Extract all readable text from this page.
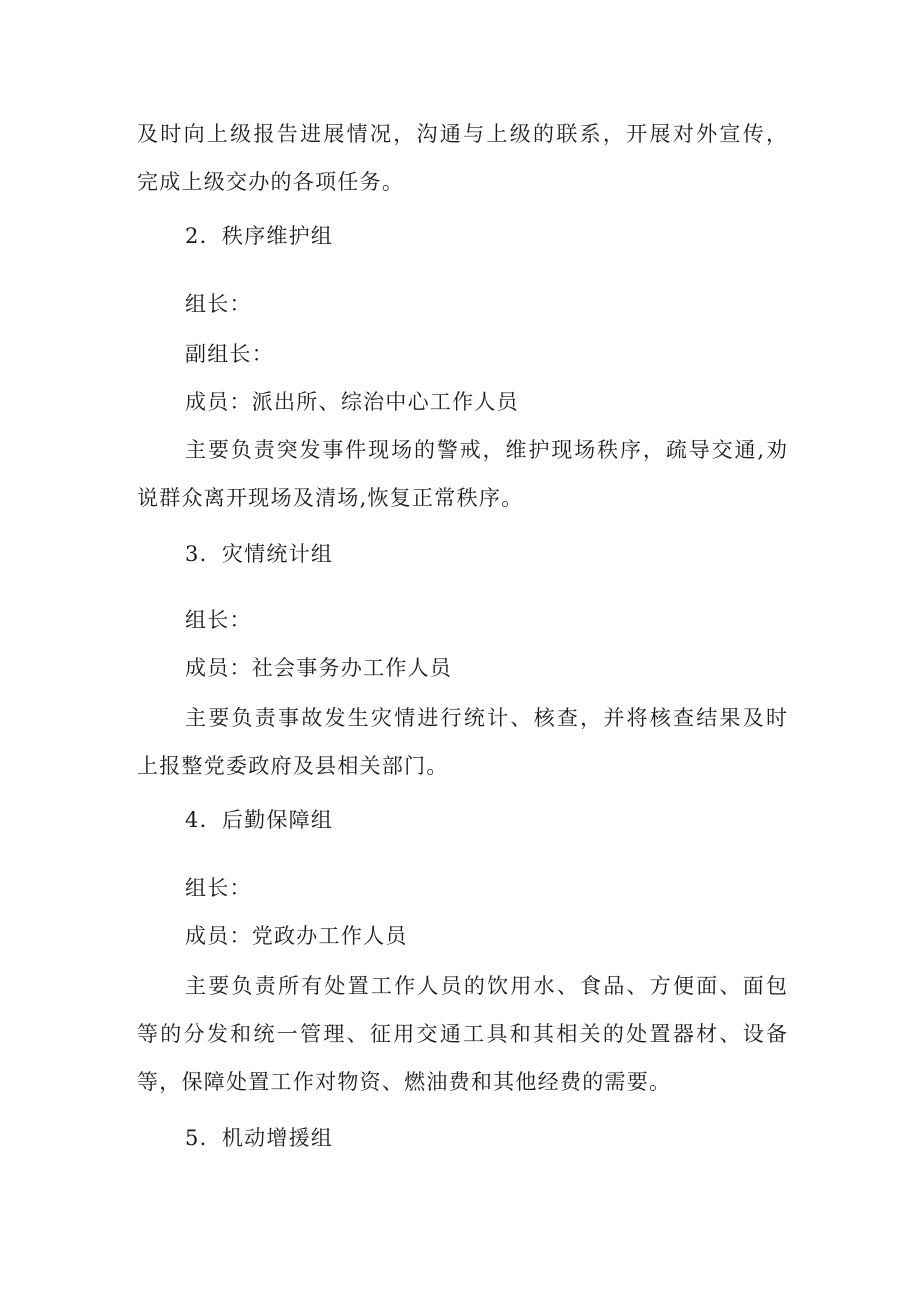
及时向上级报告进展情况，沟通与上级的联系，开展对外宣传，
完成上级交办的各项任务。
2．秩序维护组
组长：
副组长：
成员：派出所、综治中心工作人员
主要负责突发事件现场的警戒，维护现场秩序，疏导交通,劝
说群众离开现场及清场,恢复正常秩序。
3．灾情统计组
组长：
成员：社会事务办工作人员
主要负责事故发生灾情进行统计、核查，并将核查结果及时
上报整党委政府及县相关部门。
4．后勤保障组
组长：
成员：党政办工作人员
主要负责所有处置工作人员的饮用水、食品、方便面、面包
等的分发和统一管理、征用交通工具和其相关的处置器材、设备
等，保障处置工作对物资、燃油费和其他经费的需要。
5．机动增援组
